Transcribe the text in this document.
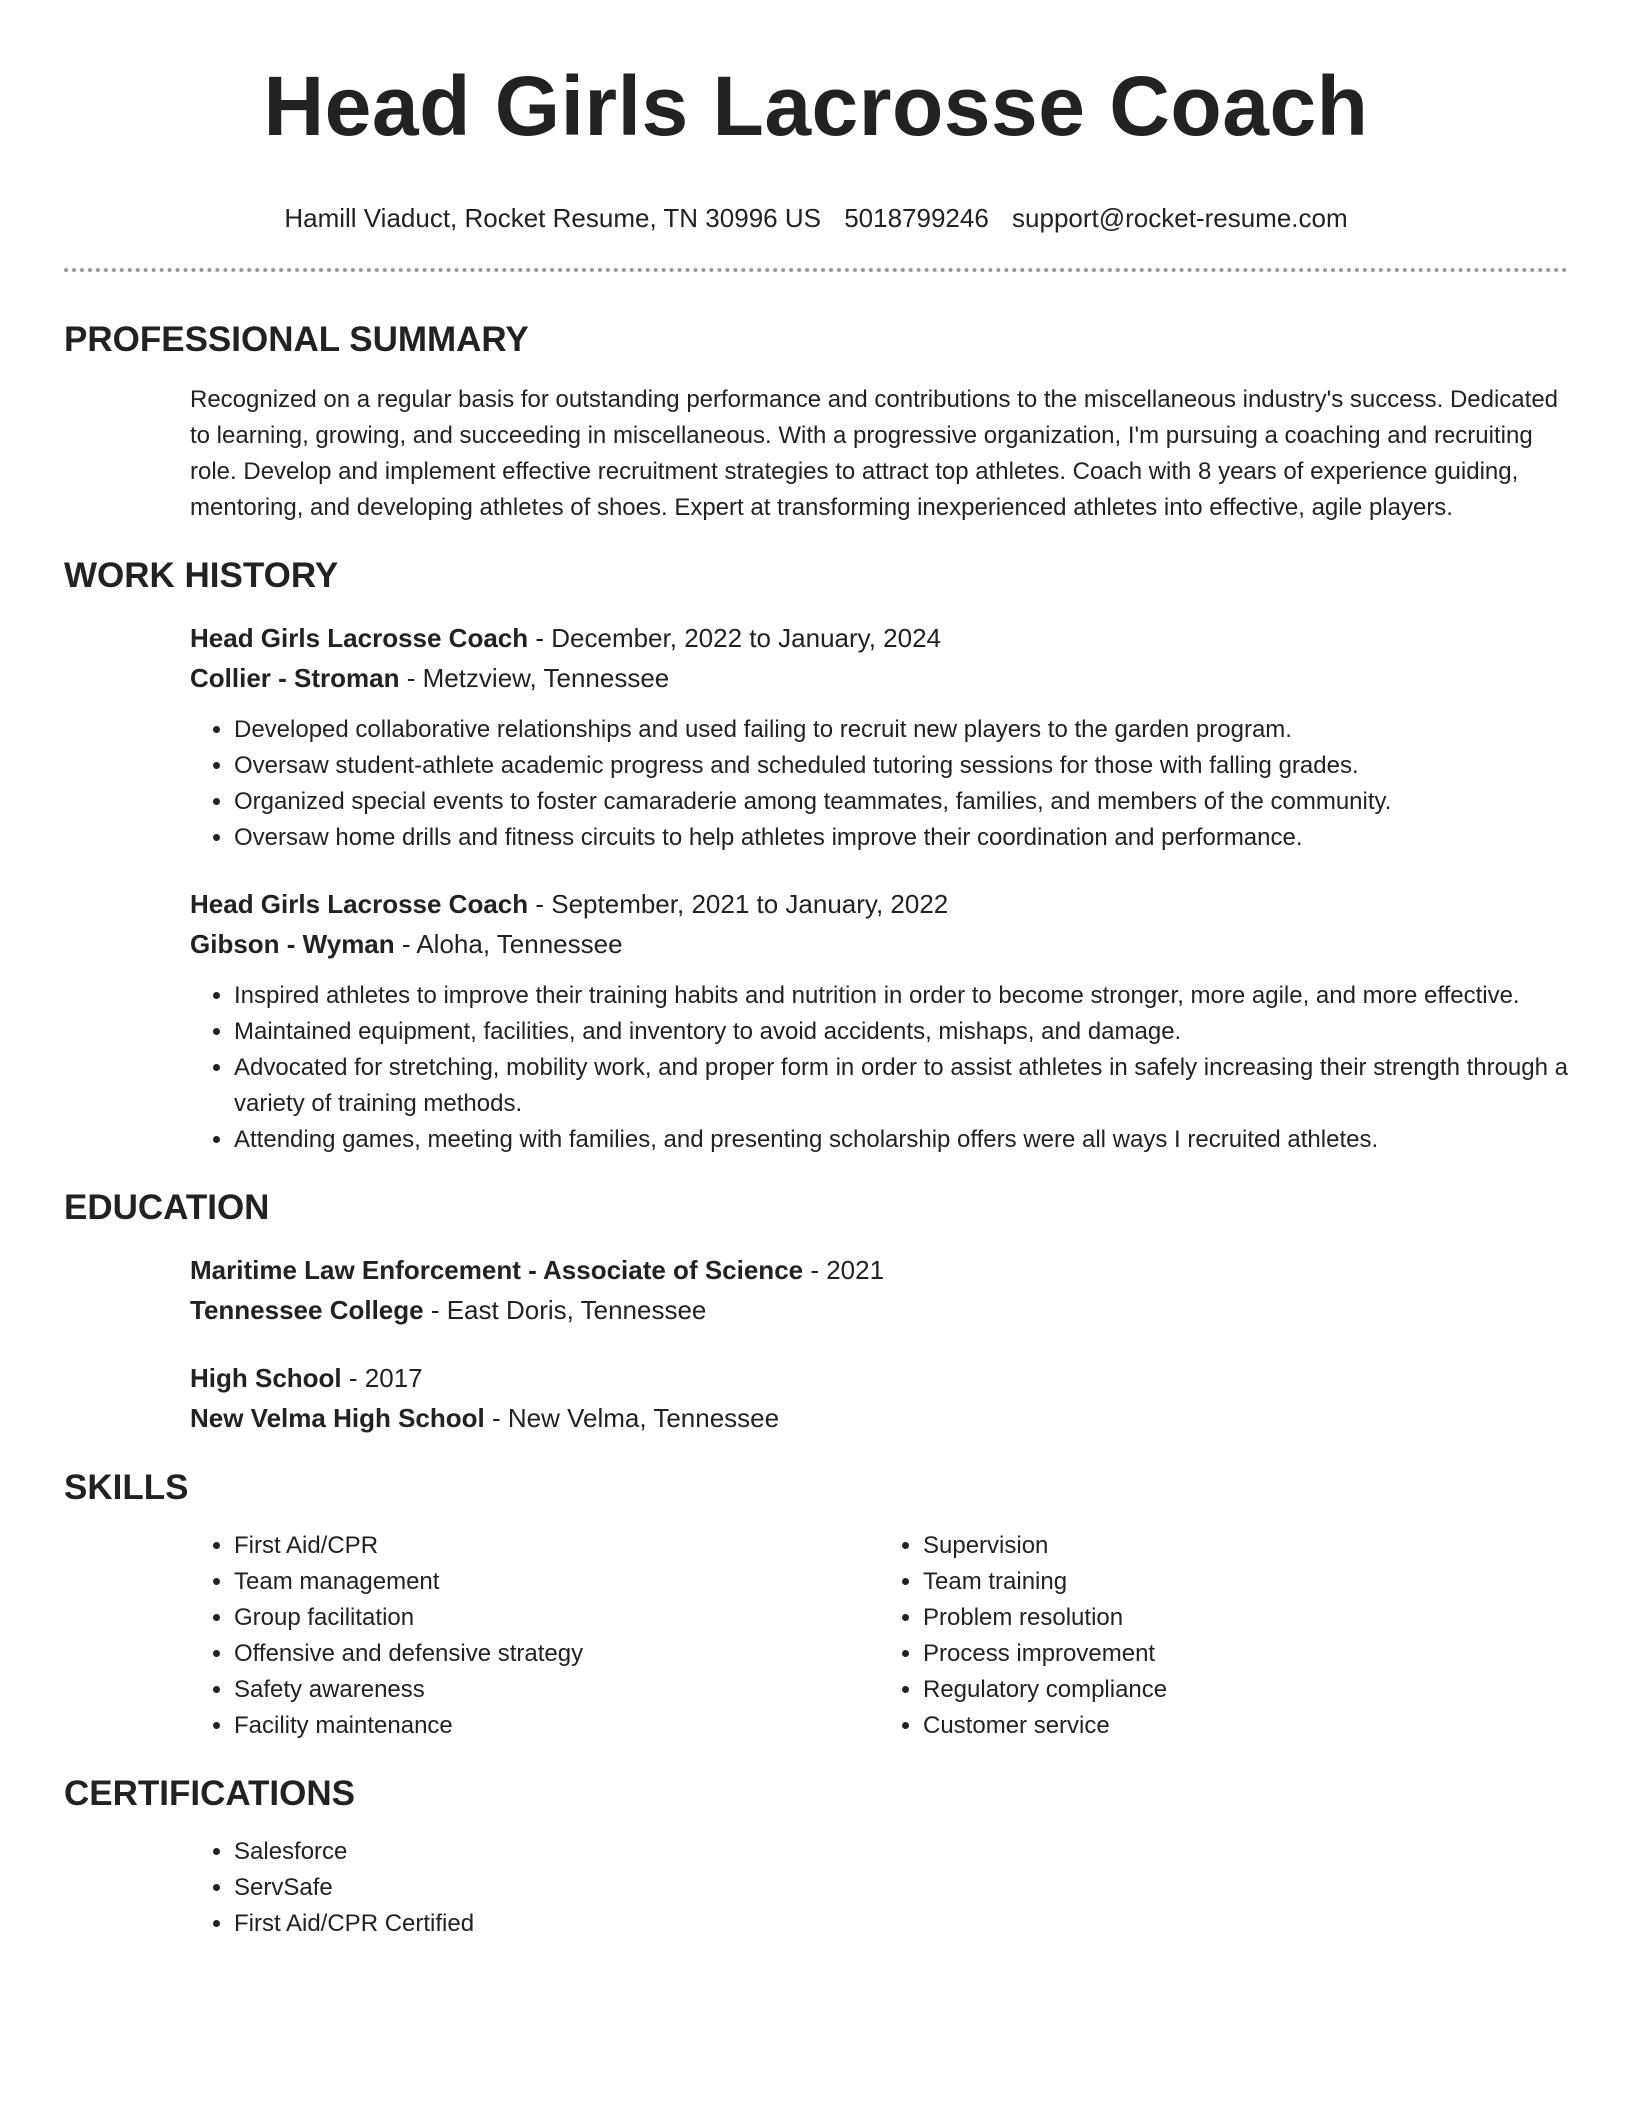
Head Girls Lacrosse Coach
Hamill Viaduct, Rocket Resume, TN 30996 US 5018799246 support@rocket-resume.com
PROFESSIONAL SUMMARY
Recognized on a regular basis for outstanding performance and contributions to the miscellaneous industry's success. Dedicated to learning, growing, and succeeding in miscellaneous. With a progressive organization, I'm pursuing a coaching and recruiting role. Develop and implement effective recruitment strategies to attract top athletes. Coach with 8 years of experience guiding, mentoring, and developing athletes of shoes. Expert at transforming inexperienced athletes into effective, agile players.
WORK HISTORY
Head Girls Lacrosse Coach - December, 2022 to January, 2024
Collier - Stroman - Metzview, Tennessee
• Developed collaborative relationships and used failing to recruit new players to the garden program.
• Oversaw student-athlete academic progress and scheduled tutoring sessions for those with falling grades.
• Organized special events to foster camaraderie among teammates, families, and members of the community.
• Oversaw home drills and fitness circuits to help athletes improve their coordination and performance.
Head Girls Lacrosse Coach - September, 2021 to January, 2022
Gibson - Wyman - Aloha, Tennessee
• Inspired athletes to improve their training habits and nutrition in order to become stronger, more agile, and more effective.
• Maintained equipment, facilities, and inventory to avoid accidents, mishaps, and damage.
• Advocated for stretching, mobility work, and proper form in order to assist athletes in safely increasing their strength through a variety of training methods.
• Attending games, meeting with families, and presenting scholarship offers were all ways I recruited athletes.
EDUCATION
Maritime Law Enforcement - Associate of Science - 2021
Tennessee College - East Doris, Tennessee
High School - 2017
New Velma High School - New Velma, Tennessee
SKILLS
• First Aid/CPR
• Team management
• Group facilitation
• Offensive and defensive strategy
• Safety awareness
• Facility maintenance
• Supervision
• Team training
• Problem resolution
• Process improvement
• Regulatory compliance
• Customer service
CERTIFICATIONS
• Salesforce
• ServSafe
• First Aid/CPR Certified
